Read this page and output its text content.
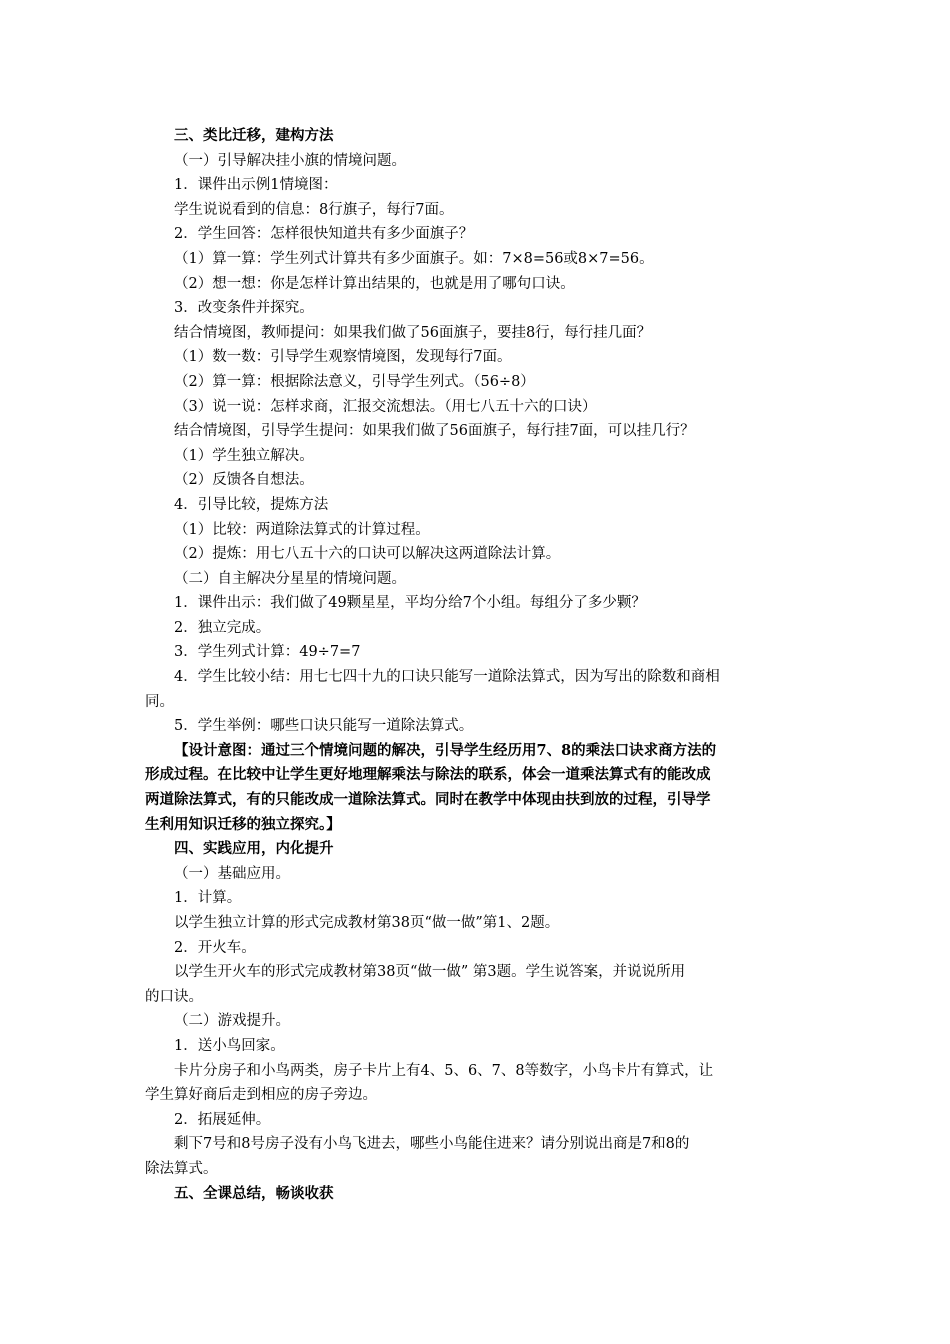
三、类比迁移，建构方法
（一）引导解决挂小旗的情境问题。
1．课件出示例1情境图：
学生说说看到的信息：8行旗子，每行7面。
2．学生回答：怎样很快知道共有多少面旗子？
（1）算一算：学生列式计算共有多少面旗子。如：7×8=56或8×7=56。
（2）想一想：你是怎样计算出结果的，也就是用了哪句口诀。
3．改变条件并探究。
结合情境图，教师提问：如果我们做了56面旗子，要挂8行，每行挂几面？
（1）数一数：引导学生观察情境图，发现每行7面。
（2）算一算：根据除法意义，引导学生列式。（56÷8）
（3）说一说：怎样求商，汇报交流想法。（用七八五十六的口诀）
结合情境图，引导学生提问：如果我们做了56面旗子，每行挂7面，可以挂几行？
（1）学生独立解决。
（2）反馈各自想法。
4．引导比较，提炼方法
（1）比较：两道除法算式的计算过程。
（2）提炼：用七八五十六的口诀可以解决这两道除法计算。
（二）自主解决分星星的情境问题。
1．课件出示：我们做了49颗星星，平均分给7个小组。每组分了多少颗？
2．独立完成。
3．学生列式计算：49÷7=7
4．学生比较小结：用七七四十九的口诀只能写一道除法算式，因为写出的除数和商相
同。
5．学生举例：哪些口诀只能写一道除法算式。
【设计意图：通过三个情境问题的解决，引导学生经历用7、8的乘法口诀求商方法的
形成过程。在比较中让学生更好地理解乘法与除法的联系，体会一道乘法算式有的能改成
两道除法算式，有的只能改成一道除法算式。同时在教学中体现由扶到放的过程，引导学
生利用知识迁移的独立探究。】
四、实践应用，内化提升
（一）基础应用。
1．计算。
以学生独立计算的形式完成教材第38页“做一做”第1、2题。
2．开火车。
以学生开火车的形式完成教材第38页“做一做” 第3题。学生说答案，并说说所用
的口诀。
（二）游戏提升。
1．送小鸟回家。
卡片分房子和小鸟两类，房子卡片上有4、5、6、7、8等数字，小鸟卡片有算式，让
学生算好商后走到相应的房子旁边。
2．拓展延伸。
剩下7号和8号房子没有小鸟飞进去，哪些小鸟能住进来？请分别说出商是7和8的
除法算式。
五、全课总结，畅谈收获
